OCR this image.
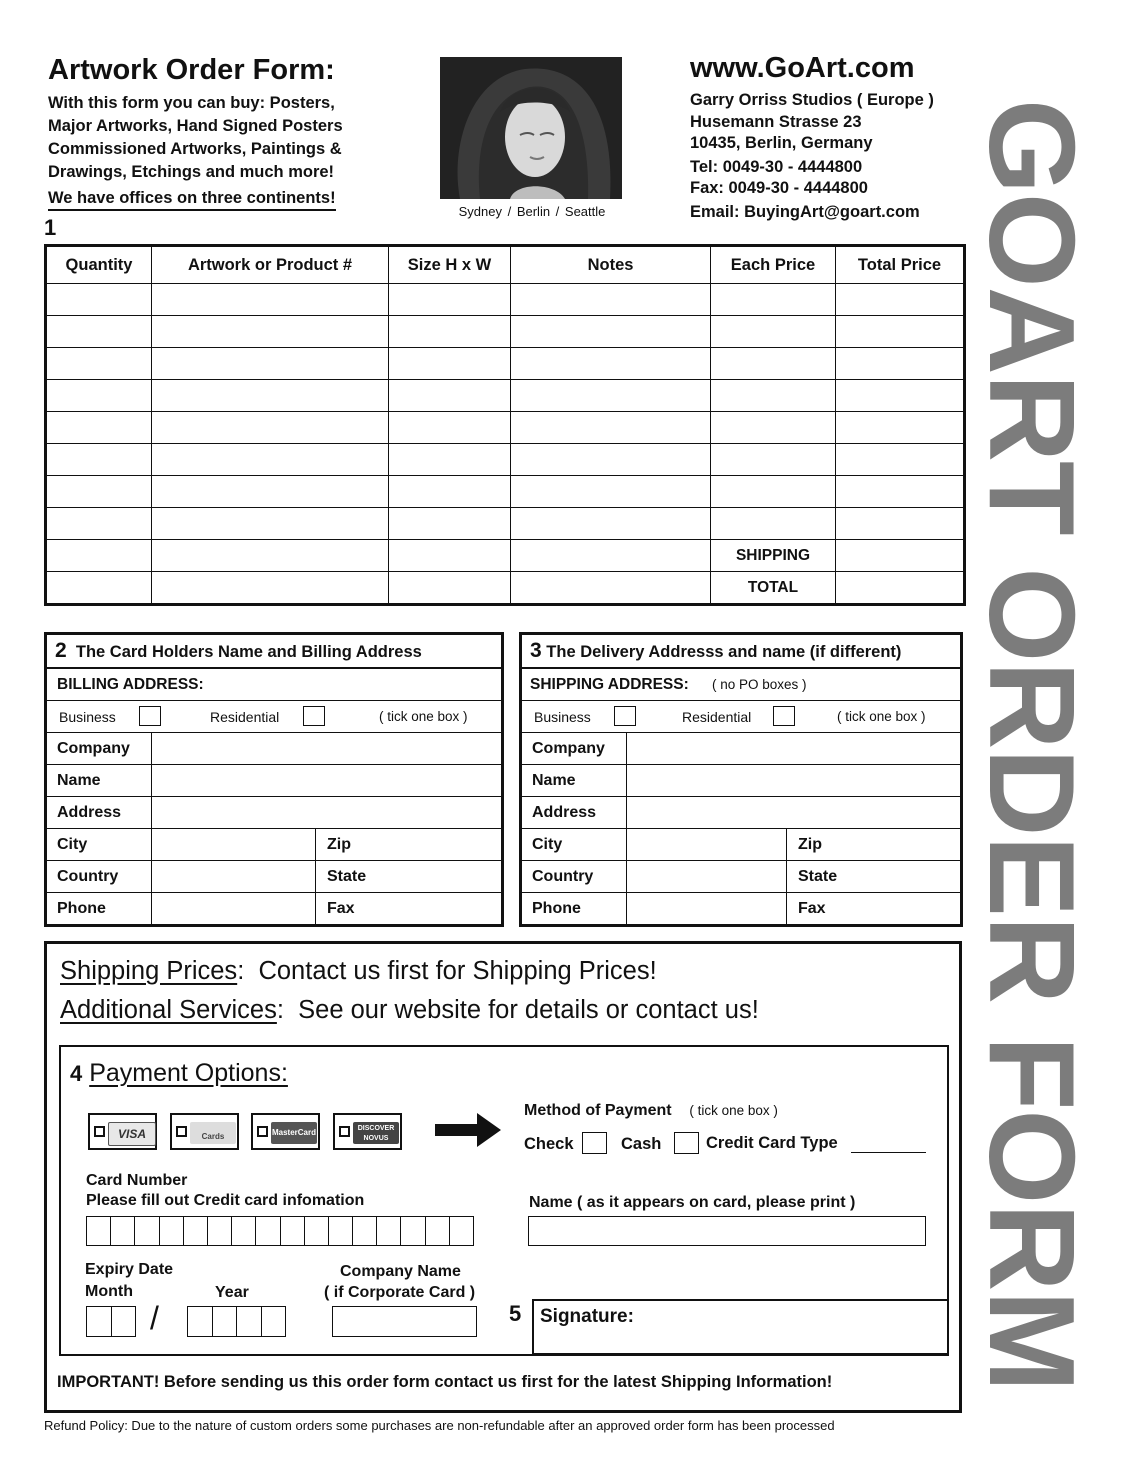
Artwork Order Form:
With this form you can buy: Posters,
Major Artworks, Hand Signed Posters
Commissioned Artworks, Paintings &
Drawings, Etchings and much more!
We have offices on three continents!
Sydney / Berlin / Seattle
www.GoArt.com
Garry Orriss Studios ( Europe )
Husemann Strasse 23
10435, Berlin, Germany
Tel: 0049-30 - 4444800
Fax: 0049-30 - 4444800
Email: BuyingArt@goart.com GOART ORDER FORM
1
Quantity	Artwork or Product #	Size H x W	Notes	Each Price	Total Price

				SHIPPING	
				TOTAL	
2 The Card Holders Name and Billing Address
BILLING ADDRESS:
Business	Residential	( tick one box )
Company
Name
Address
City	Zip
Country	State
Phone	Fax
3 The Delivery Addresss and name (if different)
SHIPPING ADDRESS: ( no PO boxes )
Business	Residential	( tick one box )
Company
Name
Address
City	Zip
Country	State
Phone	Fax
Shipping Prices:  Contact us first for Shipping Prices!
Additional Services:  See our website for details or contact us!
4 Payment Options:
VISA	Cards	MasterCard	DISCOVER NOVUS
Method of Payment ( tick one box )
Check	Cash	Credit Card Type
Card Number
Please fill out Credit card infomation	Name ( as it appears on card, please print )
Expiry Date
Month	Year
/
Company Name
( if Corporate Card )
5 Signature:
IMPORTANT! Before sending us this order form contact us first for the latest Shipping Information!
Refund Policy: Due to the nature of custom orders some purchases are non-refundable after an approved order form has been processed
